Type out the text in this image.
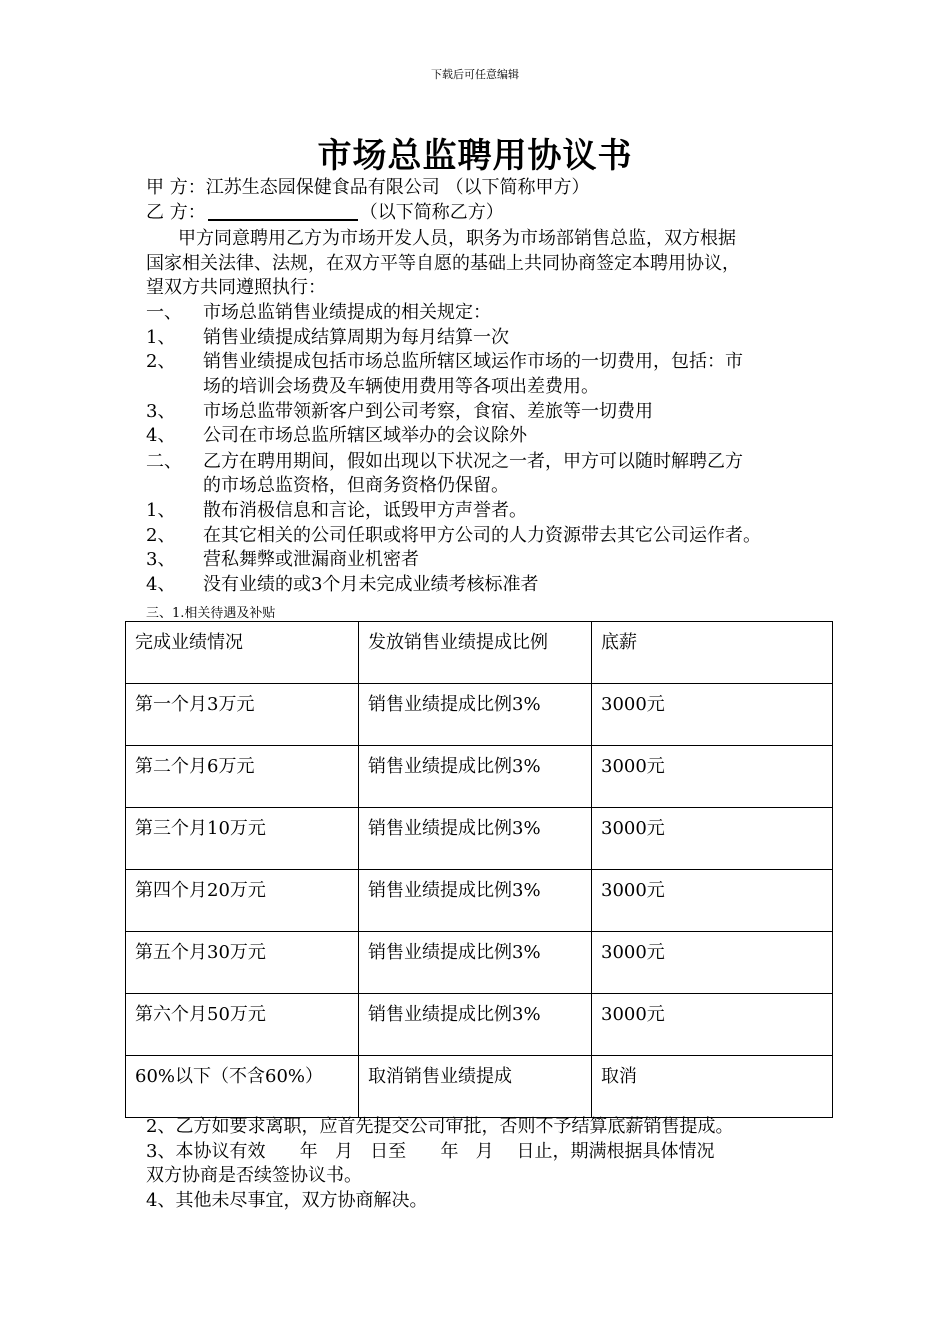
下载后可任意编辑
市场总监聘用协议书
甲 方：江苏生态园保健食品有限公司 （以下简称甲方）
乙 方：	（以下简称乙方）
甲方同意聘用乙方为市场开发人员，职务为市场部销售总监，双方根据
国家相关法律、法规，在双方平等自愿的基础上共同协商签定本聘用协议，
望双方共同遵照执行：
一、 市场总监销售业绩提成的相关规定：
1、 销售业绩提成结算周期为每月结算一次
2、 销售业绩提成包括市场总监所辖区域运作市场的一切费用，包括：市
场的培训会场费及车辆使用费用等各项出差费用。
3、 市场总监带领新客户到公司考察，食宿、差旅等一切费用
4、 公司在市场总监所辖区域举办的会议除外
二、 乙方在聘用期间，假如出现以下状况之一者，甲方可以随时解聘乙方
的市场总监资格，但商务资格仍保留。
1、 散布消极信息和言论，诋毁甲方声誉者。
2、 在其它相关的公司任职或将甲方公司的人力资源带去其它公司运作者。
3、 营私舞弊或泄漏商业机密者
4、 没有业绩的或3个月未完成业绩考核标准者
三、1.相关待遇及补贴
完成业绩情况	发放销售业绩提成比例	底薪
第一个月3万元	销售业绩提成比例3%	3000元
第二个月6万元	销售业绩提成比例3%	3000元
第三个月10万元	销售业绩提成比例3%	3000元
第四个月20万元	销售业绩提成比例3%	3000元
第五个月30万元	销售业绩提成比例3%	3000元
第六个月50万元	销售业绩提成比例3%	3000元
60%以下（不含60%）	取消销售业绩提成	取消
2、乙方如要求离职，应首先提交公司审批，否则不予结算底薪销售提成。
3、本协议有效      年   月   日至      年   月    日止，期满根据具体情况
双方协商是否续签协议书。
4、其他未尽事宜，双方协商解决。
